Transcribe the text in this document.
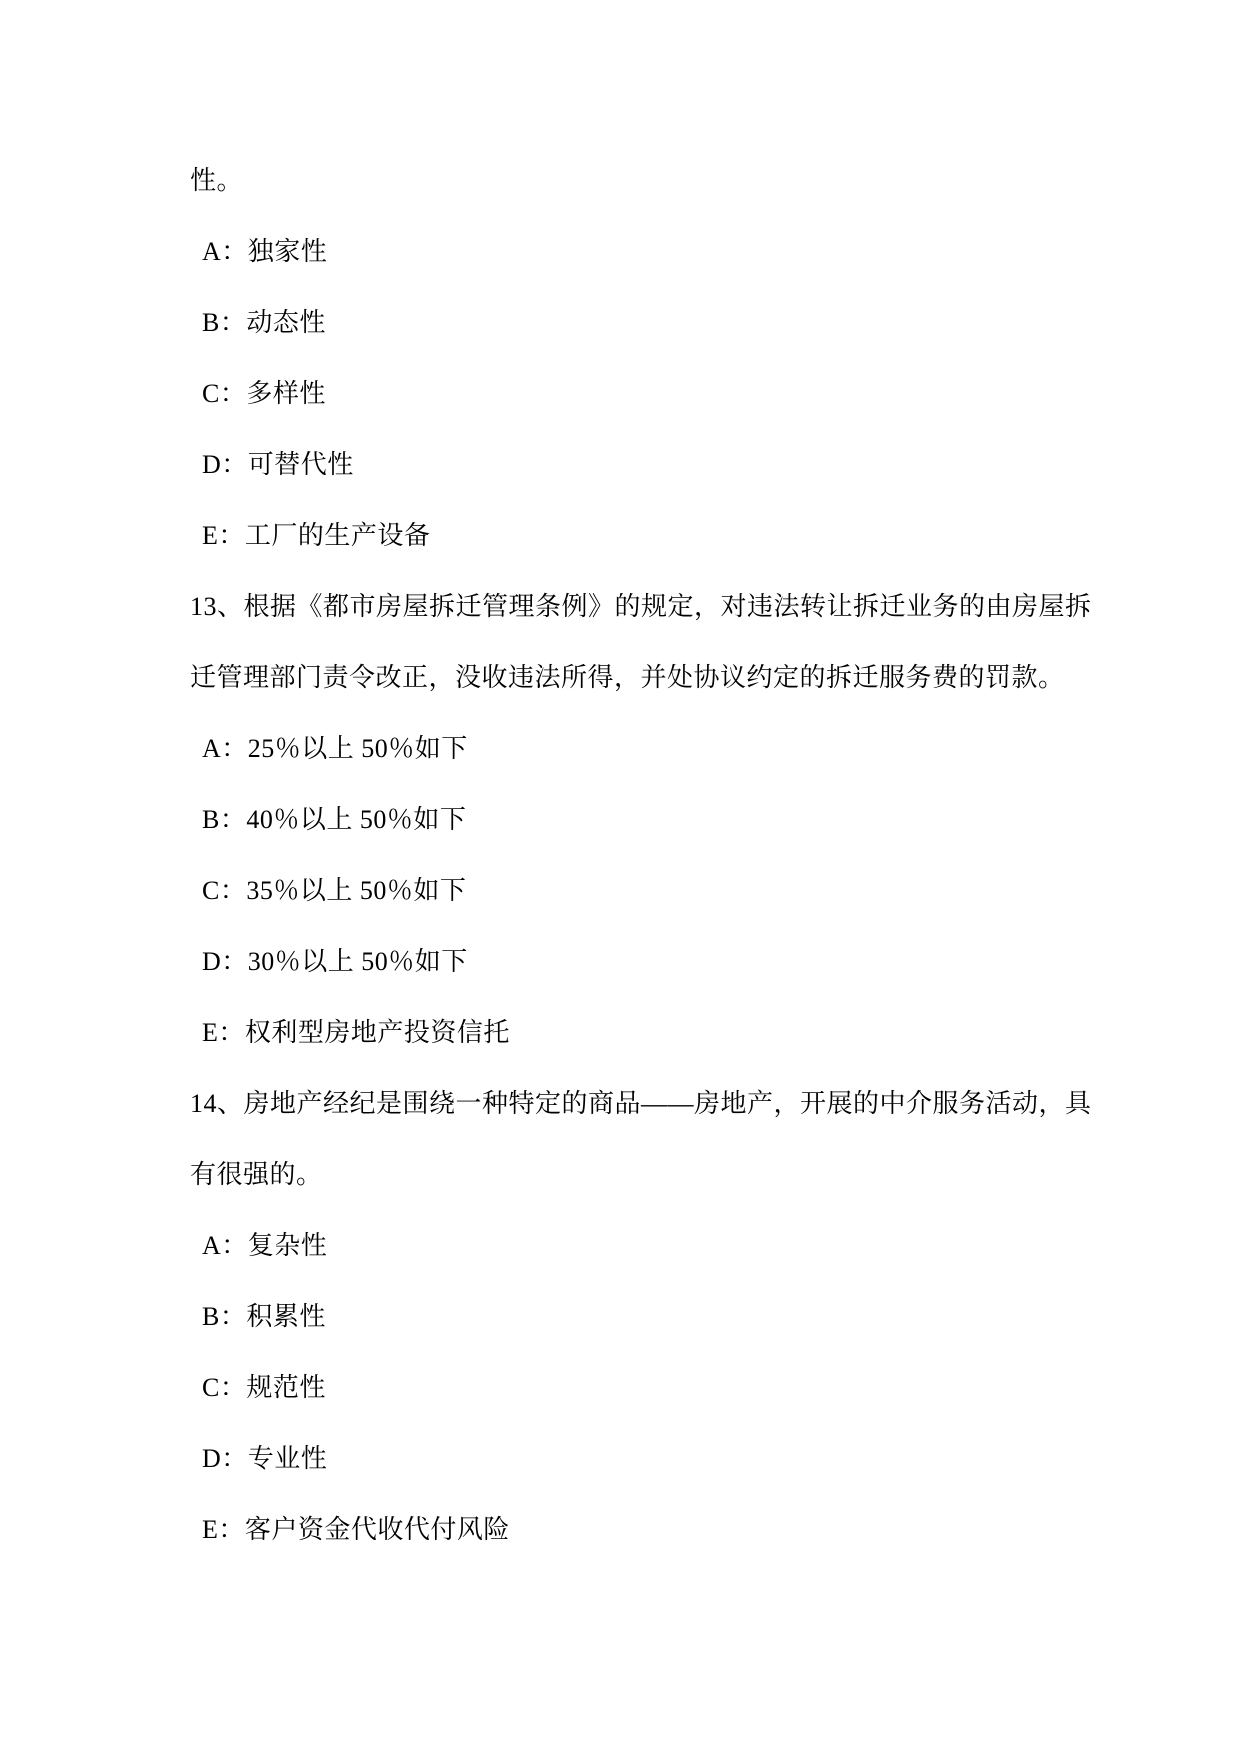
性。
A：独家性
B：动态性
C：多样性
D：可替代性
E：工厂的生产设备
13、根据《都市房屋拆迁管理条例》的规定，对违法转让拆迁业务的由房屋拆
迁管理部门责令改正，没收违法所得，并处协议约定的拆迁服务费的罚款。
A：25％以上 50％如下
B：40％以上 50％如下
C：35％以上 50％如下
D：30％以上 50％如下
E：权利型房地产投资信托
14、房地产经纪是围绕一种特定的商品——房地产，开展的中介服务活动，具
有很强的。
A：复杂性
B：积累性
C：规范性
D：专业性
E：客户资金代收代付风险
